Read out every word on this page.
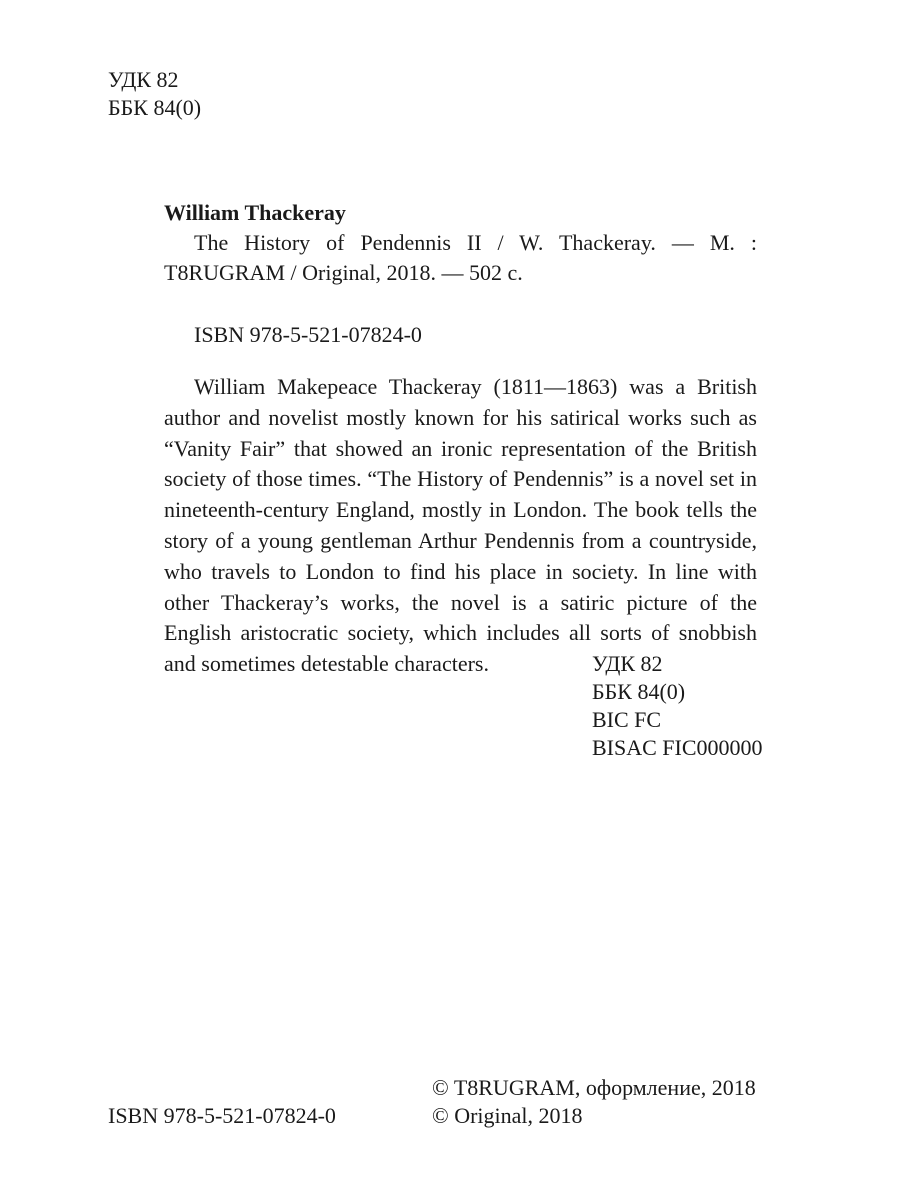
УДК 82
ББК 84(0)
William Thackeray

The History of Pendennis II / W. Thackeray. — M. : T8RUGRAM / Original, 2018. — 502 c.

ISBN 978-5-521-07824-0
William Makepeace Thackeray (1811—1863) was a British author and novelist mostly known for his satirical works such as “Vanity Fair” that showed an ironic representation of the British society of those times. “The History of Pendennis” is a novel set in nineteenth-century England, mostly in London. The book tells the story of a young gentleman Arthur Pendennis from a countryside, who travels to London to find his place in society. In line with other Thackeray’s works, the novel is a satiric picture of the English aristocratic society, which includes all sorts of snobbish and sometimes detestable characters.	УДК 82
ББК 84(0)
BIC FC
BISAC FIC000000
ISBN 978-5-521-07824-0
© T8RUGRAM, оформление, 2018
© Original, 2018
